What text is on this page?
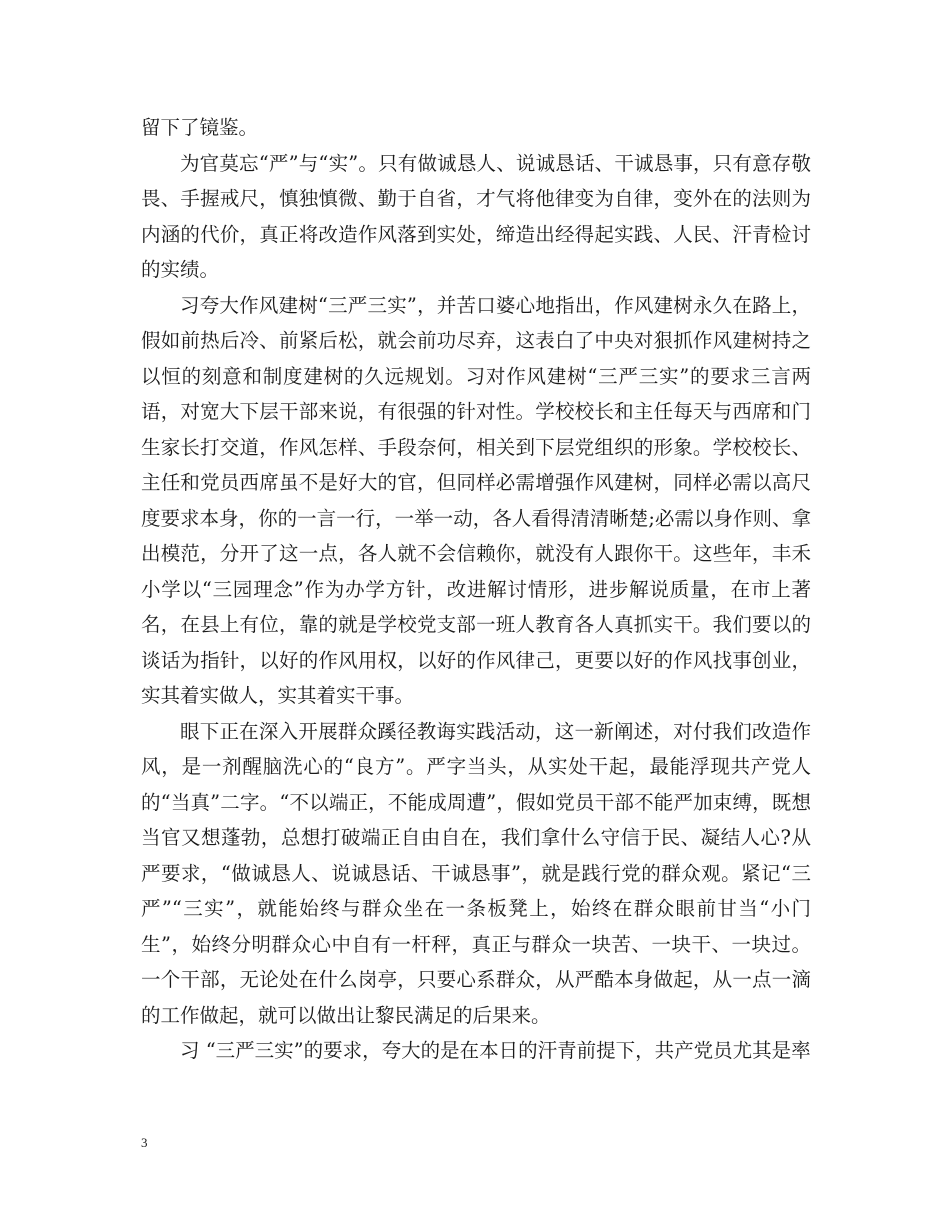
留下了镜鉴。

为官莫忘“严”与“实”。只有做诚恳人、说诚恳话、干诚恳事，只有意存敬畏、手握戒尺，慎独慎微、勤于自省，才气将他律变为自律，变外在的法则为内涵的代价，真正将改造作风落到实处，缔造出经得起实践、人民、汗青检讨的实绩。

习夸大作风建树“三严三实”，并苦口婆心地指出，作风建树永久在路上，假如前热后冷、前紧后松，就会前功尽弃，这表白了中央对狠抓作风建树持之以恒的刻意和制度建树的久远规划。习对作风建树“三严三实”的要求三言两语，对宽大下层干部来说，有很强的针对性。学校校长和主任每天与西席和门生家长打交道，作风怎样、手段奈何，相关到下层党组织的形象。学校校长、主任和党员西席虽不是好大的官，但同样必需增强作风建树，同样必需以高尺度要求本身，你的一言一行，一举一动，各人看得清清晰楚;必需以身作则、拿出模范，分开了这一点，各人就不会信赖你，就没有人跟你干。这些年，丰禾小学以“三园理念”作为办学方针，改进解讨情形，进步解说质量，在市上著名，在县上有位，靠的就是学校党支部一班人教育各人真抓实干。我们要以的谈话为指针，以好的作风用权，以好的作风律己，更要以好的作风找事创业，实其着实做人，实其着实干事。

眼下正在深入开展群众蹊径教诲实践活动，这一新阐述，对付我们改造作风，是一剂醒脑洗心的“良方”。严字当头，从实处干起，最能浮现共产党人的“当真”二字。“不以端正，不能成周遭”，假如党员干部不能严加束缚，既想当官又想蓬勃，总想打破端正自由自在，我们拿什么守信于民、凝结人心?从严要求，“做诚恳人、说诚恳话、干诚恳事”，就是践行党的群众观。紧记“三严”“三实”，就能始终与群众坐在一条板凳上，始终在群众眼前甘当“小门生”，始终分明群众心中自有一杆秤，真正与群众一块苦、一块干、一块过。一个干部，无论处在什么岗亭，只要心系群众，从严酷本身做起，从一点一滴的工作做起，就可以做出让黎民满足的后果来。

习 “三严三实”的要求，夸大的是在本日的汗青前提下，共产党员尤其是率

3
